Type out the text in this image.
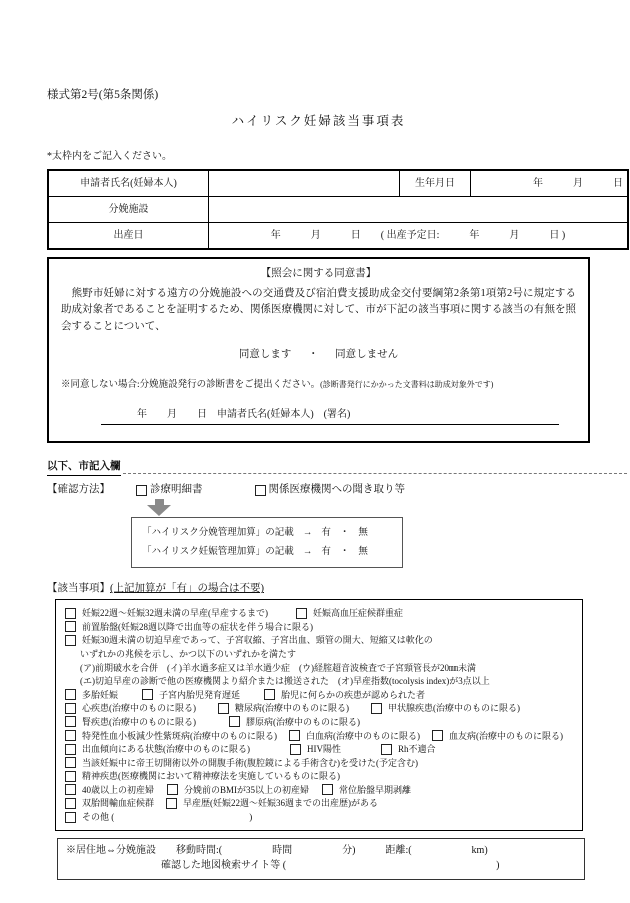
様式第2号(第5条関係)
ハイリスク妊婦該当事項表
*太枠内をご記入ください。
申請者氏名(妊婦本人)		生年月日	年　　　月　　　日
分娩施設			
出産日	年　　　月　　　日　　( 出産予定日:　　　年　　　月　　　日 )		
【照会に関する同意書】
　熊野市妊婦に対する遠方の分娩施設への交通費及び宿泊費支援助成金交付要綱第2条第1項第2号に規定する助成対象者であることを証明するため、関係医療機関に対して、市が下記の該当事項に関する該当の有無を照会することについて、
同意します ・ 同意しません
※同意しない場合:分娩施設発行の診断書をご提出ください。(診断書発行にかかった文書料は助成対象外です)
年　　月　　日　申請者氏名(妊婦本人)　(署名)
以下、市記入欄
【確認方法】	診療明細書	関係医療機関への聞き取り等
「ハイリスク分娩管理加算」の記載 → 有 ・ 無
「ハイリスク妊娠管理加算」の記載 → 有 ・ 無
【該当事項】(上記加算が「有」の場合は不要)
妊娠22週〜妊娠32週未満の早産(早産するまで)	妊娠高血圧症候群重症
前置胎盤(妊娠28週以降で出血等の症状を伴う場合に限る)
妊娠30週未満の切迫早産であって、子宮収縮、子宮出血、頸管の開大、短縮又は軟化の
いずれかの兆候を示し、かつ以下のいずれかを満たす
(ア)前期破水を合併　(イ)羊水過多症又は羊水過少症　(ウ)経腟超音波検査で子宮頸管長が20㎜未満
(エ)切迫早産の診断で他の医療機関より紹介または搬送された　(オ)早産指数(tocolysis index)が3点以上
多胎妊娠	子宮内胎児発育遅延	胎児に何らかの疾患が認められた者
心疾患(治療中のものに限る)	糖尿病(治療中のものに限る)	甲状腺疾患(治療中のものに限る)
腎疾患(治療中のものに限る)	膠原病(治療中のものに限る)
特発性血小板減少性紫斑病(治療中のものに限る)	白血病(治療中のものに限る)	血友病(治療中のものに限る)
出血傾向にある状態(治療中のものに限る)	HIV陽性	Rh不適合
当該妊娠中に帝王切開術以外の開腹手術(腹腔鏡による手術含む)を受けた(予定含む)
精神疾患(医療機関において精神療法を実施しているものに限る)
40歳以上の初産婦	分娩前のBMIが35以上の初産婦	常位胎盤早期剥離
双胎間輸血症候群	早産歴(妊娠22週〜妊娠36週までの出産歴)がある
その他 (　　　　　　　　　　　　　　　)
※居住地⇔分娩施設　　移動時間:(　　　　　時間　　　　　分)　　　距離:(　　　　　　km)
確認した地図検索サイト等 (　　　　　　　　　　　　　　　　　　　　　)
